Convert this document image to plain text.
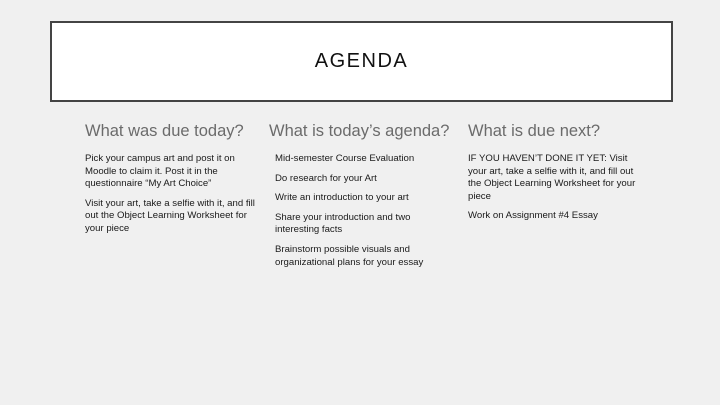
AGENDA
What was due today?
Pick your campus art and post it on Moodle to claim it. Post it in the questionnaire “My Art Choice”
Visit your art, take a selfie with it, and fill out the Object Learning Worksheet for your piece
What is today’s agenda?
Mid-semester Course Evaluation
Do research for your Art
Write an introduction to your art
Share your introduction and two interesting facts
Brainstorm possible visuals and organizational plans for your essay
What is due next?
IF YOU HAVEN’T DONE IT YET: Visit your art, take a selfie with it, and fill out the Object Learning Worksheet for your piece
Work on Assignment #4 Essay
